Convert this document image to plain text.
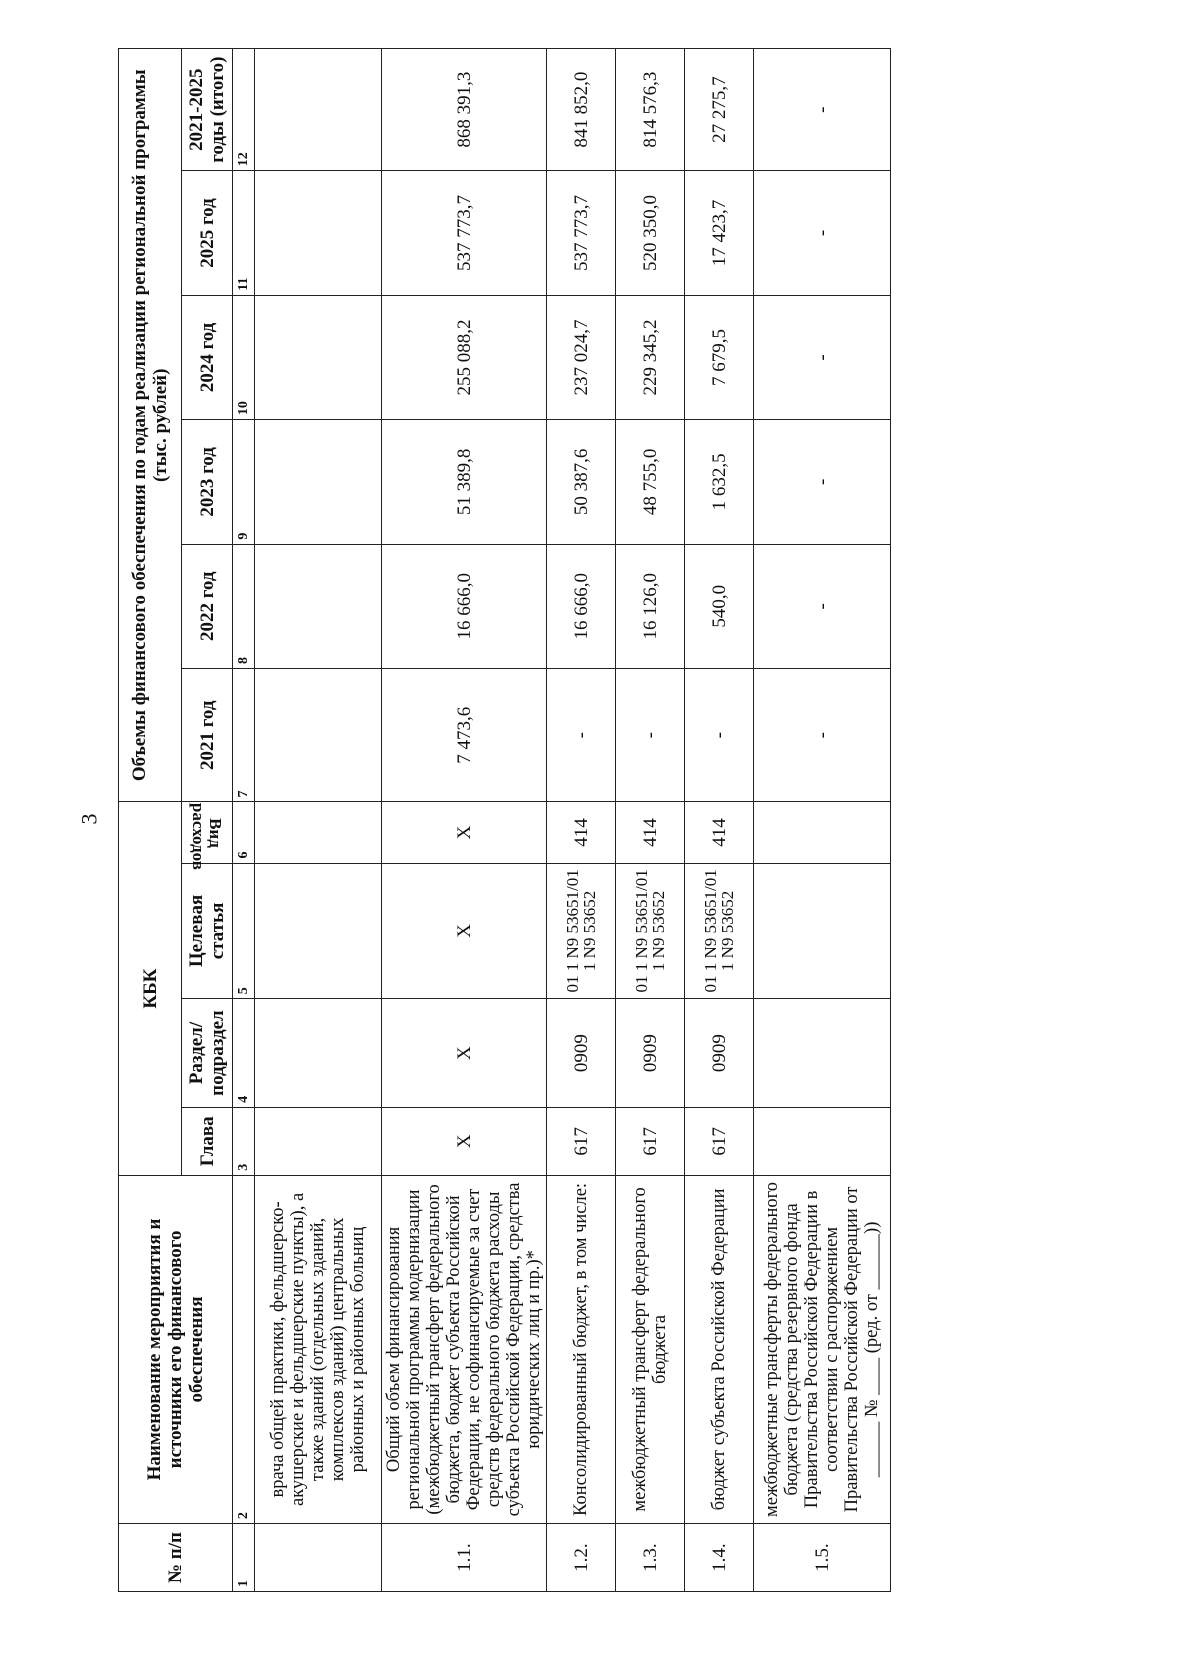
3
№ п/п	Наименование мероприятия и источники его финансового обеспечения	КБК				Объемы финансового обеспечения по годам реализации региональной программы (тыс. рублей)					
		Глава	Раздел/ подраздел	Целевая статья	Вид расходов	2021 год	2022 год	2023 год	2024 год	2025 год	2021-2025 годы (итого)
1	2	3	4	5	6	7	8	9	10	11	12
	врача общей практики, фельдшерско-акушерские и фельдшерские пункты), а также зданий (отдельных зданий, комплексов зданий) центральных районных и районных больниц										
1.1.	Общий объем финансирования региональной программы модернизации (межбюджетный трансферт федерального бюджета, бюджет субъекта Российской Федерации, не софинансируемые за счет средств федерального бюджета расходы субъекта Российской Федерации, средства юридических лиц и пр.)*	X	X	X	X	7 473,6	16 666,0	51 389,8	255 088,2	537 773,7	868 391,3
1.2.	Консолидированный бюджет, в том числе:	617	0909	01 1 N9 53651/01 1 N9 53652	414	-	16 666,0	50 387,6	237 024,7	537 773,7	841 852,0
1.3.	межбюджетный трансферт федерального бюджета	617	0909	01 1 N9 53651/01 1 N9 53652	414	-	16 126,0	48 755,0	229 345,2	520 350,0	814 576,3
1.4.	бюджет субъекта Российской Федерации	617	0909	01 1 N9 53651/01 1 N9 53652	414	-	540,0	1 632,5	7 679,5	17 423,7	27 275,7
1.5.	межбюджетные трансферты федерального бюджета (средства резервного фонда Правительства Российской Федерации в соответствии с распоряжением Правительства Российской Федерации от ______ № ____ (ред. от ______))					-	-	-	-	-	-
